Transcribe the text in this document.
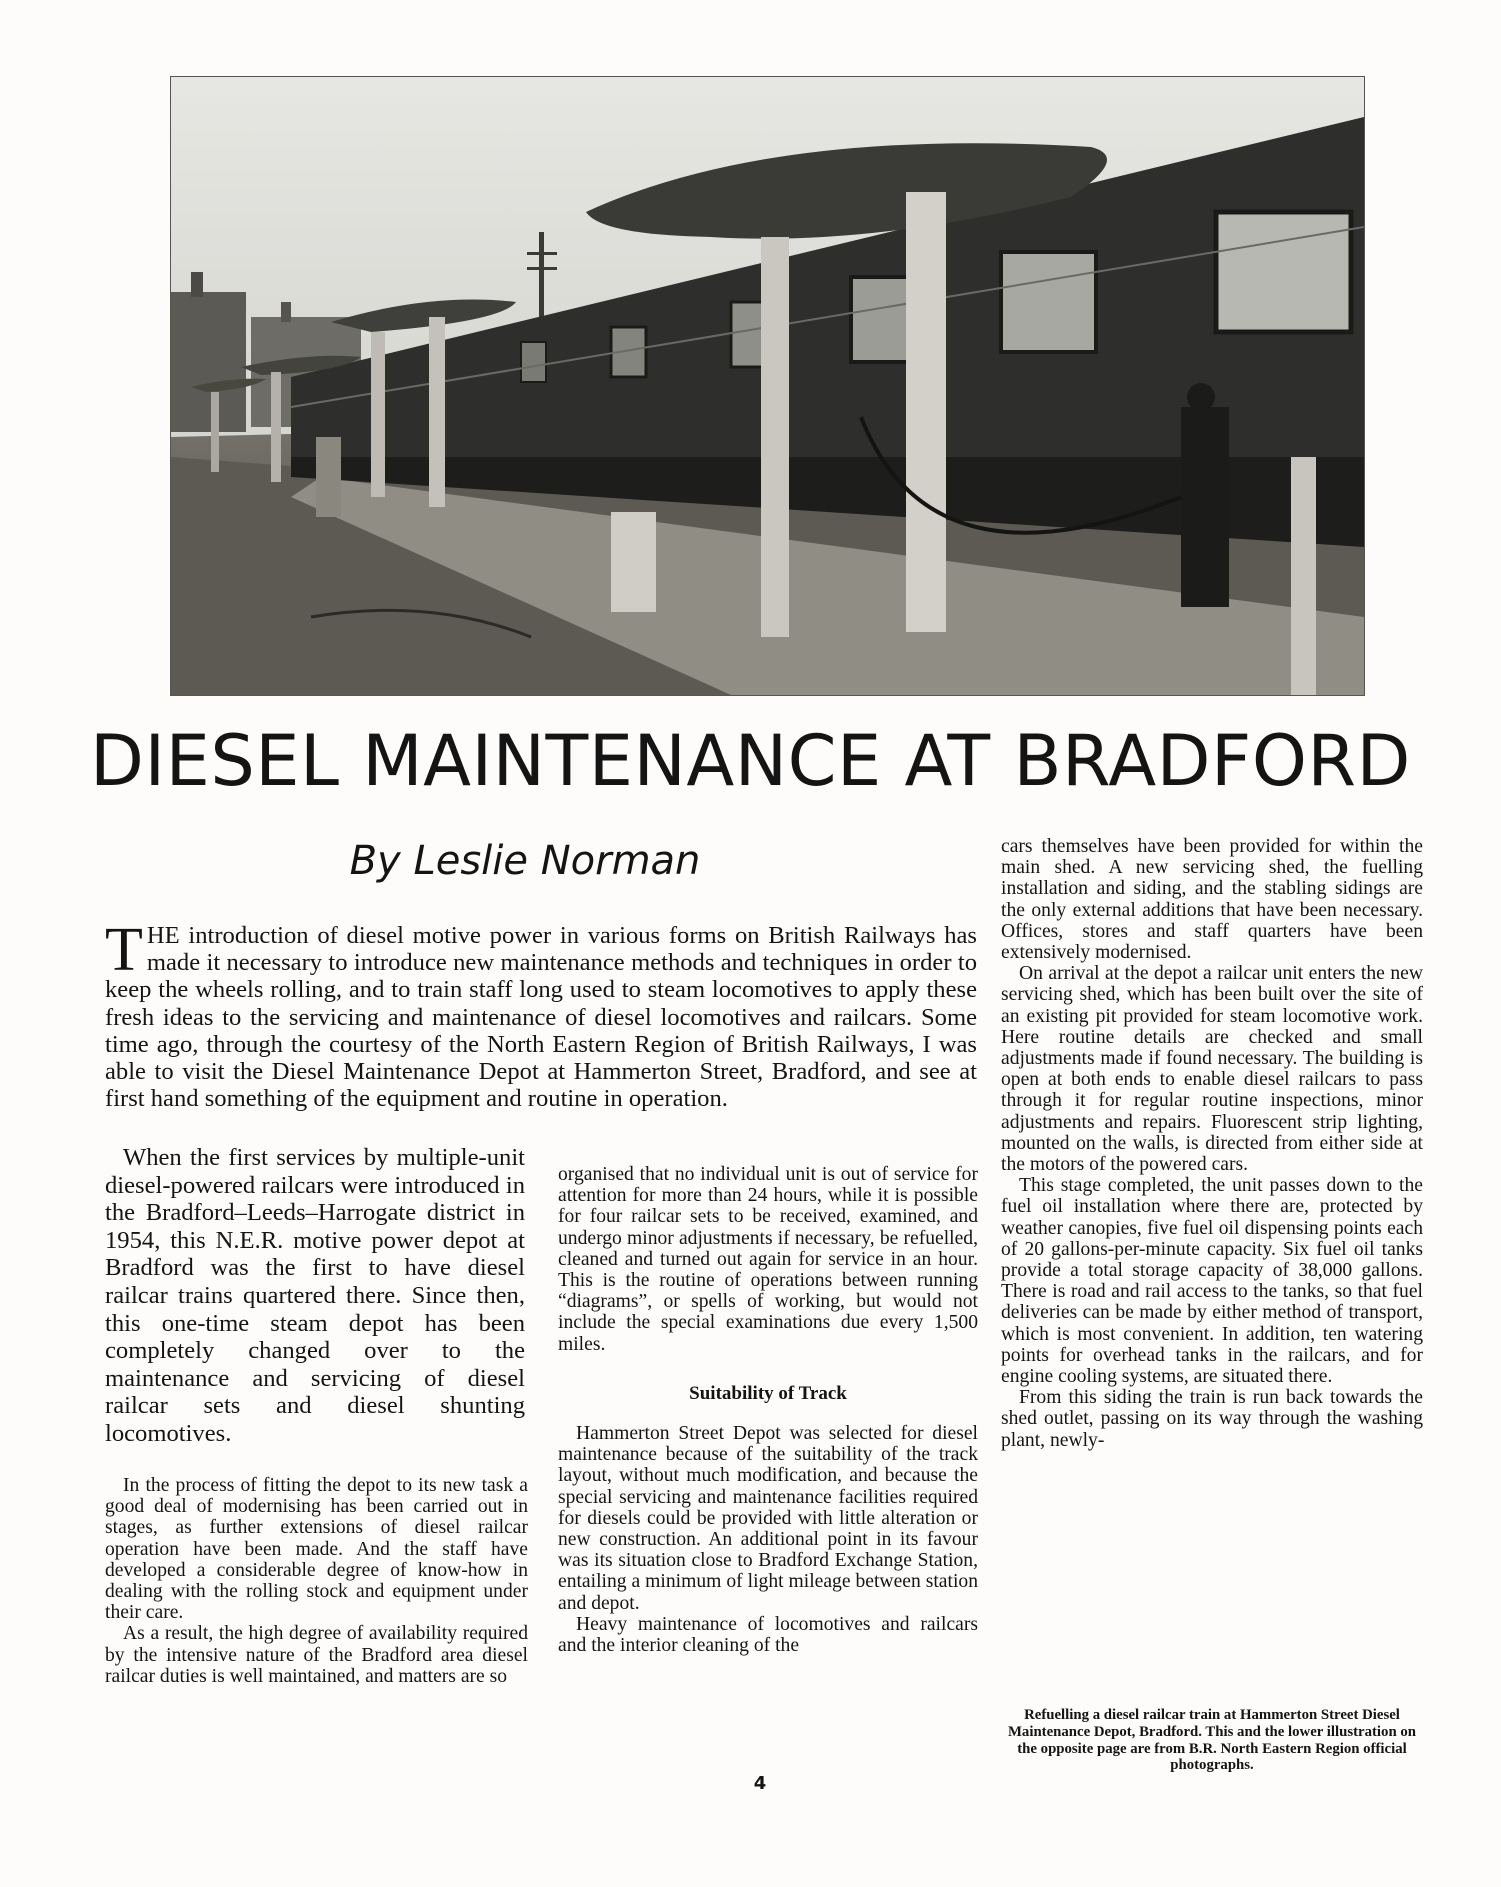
DIESEL MAINTENANCE AT BRADFORD

By Leslie Norman

THE introduction of diesel motive power in various forms on British Railways has made it necessary to introduce new maintenance methods and techniques in order to keep the wheels rolling, and to train staff long used to steam locomotives to apply these fresh ideas to the servicing and maintenance of diesel locomotives and railcars. Some time ago, through the courtesy of the North Eastern Region of British Railways, I was able to visit the Diesel Maintenance Depot at Hammerton Street, Bradford, and see at first hand something of the equipment and routine in operation.

When the first services by multiple-unit diesel-powered railcars were introduced in the Bradford–Leeds–Harrogate district in 1954, this N.E.R. motive power depot at Bradford was the first to have diesel railcar trains quartered there. Since then, this one-time steam depot has been completely changed over to the maintenance and servicing of diesel railcar sets and diesel shunting locomotives.

In the process of fitting the depot to its new task a good deal of modernising has been carried out in stages, as further extensions of diesel railcar operation have been made. And the staff have developed a considerable degree of know-how in dealing with the rolling stock and equipment under their care.

As a result, the high degree of availability required by the intensive nature of the Bradford area diesel railcar duties is well maintained, and matters are so

organised that no individual unit is out of service for attention for more than 24 hours, while it is possible for four railcar sets to be received, examined, and undergo minor adjustments if necessary, be refuelled, cleaned and turned out again for service in an hour. This is the routine of operations between running “diagrams”, or spells of working, but would not include the special examinations due every 1,500 miles.

Suitability of Track

Hammerton Street Depot was selected for diesel maintenance because of the suitability of the track layout, without much modification, and because the special servicing and maintenance facilities required for diesels could be provided with little alteration or new construction. An additional point in its favour was its situation close to Bradford Exchange Station, entailing a minimum of light mileage between station and depot.

Heavy maintenance of locomotives and railcars and the interior cleaning of the

cars themselves have been provided for within the main shed. A new servicing shed, the fuelling installation and siding, and the stabling sidings are the only external additions that have been necessary. Offices, stores and staff quarters have been extensively modernised.

On arrival at the depot a railcar unit enters the new servicing shed, which has been built over the site of an existing pit provided for steam locomotive work. Here routine details are checked and small adjustments made if found necessary. The building is open at both ends to enable diesel railcars to pass through it for regular routine inspections, minor adjustments and repairs. Fluorescent strip lighting, mounted on the walls, is directed from either side at the motors of the powered cars.

This stage completed, the unit passes down to the fuel oil installation where there are, protected by weather canopies, five fuel oil dispensing points each of 20 gallons-per-minute capacity. Six fuel oil tanks provide a total storage capacity of 38,000 gallons. There is road and rail access to the tanks, so that fuel deliveries can be made by either method of transport, which is most convenient. In addition, ten watering points for overhead tanks in the railcars, and for engine cooling systems, are situated there.

From this siding the train is run back towards the shed outlet, passing on its way through the washing plant, newly-

Refuelling a diesel railcar train at Hammerton Street Diesel Maintenance Depot, Bradford. This and the lower illustration on the opposite page are from B.R. North Eastern Region official photographs.

4
